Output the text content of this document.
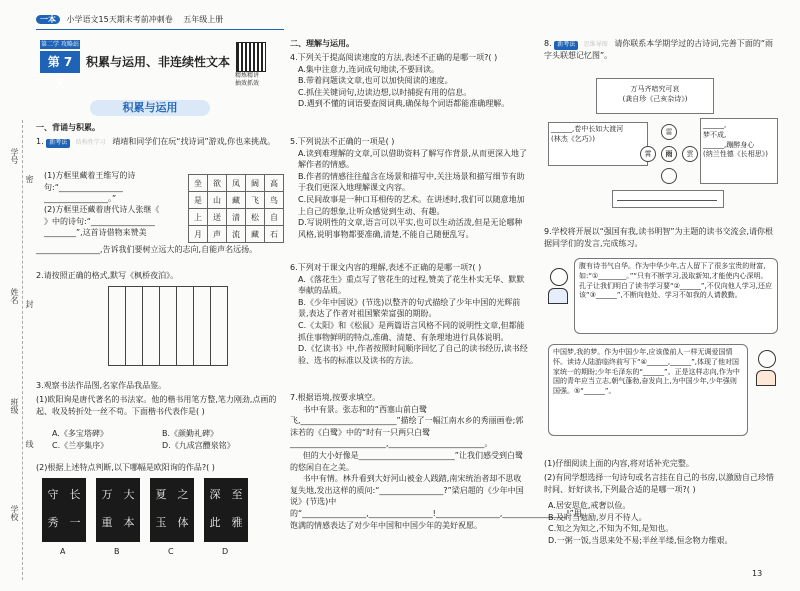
学号
密
姓名 封
班级
线
学校
一本 小学语文15天期末考前冲刺卷 五年级上册
第二学 攻略站
第 7 天
积累与运用、非连续性文本
精炼精讲
抽效抓效
积累与运用
一、背诵与积累。
1. 新考法 结构性学习 靖靖和同学们在玩“找诗词”游戏,你也来挑战。
(1)方框里藏着王维写的诗句:“________________
________________。”
(2)方框里还藏着唐代诗人张继《
》中的诗句:“________________
________”,这首诗借物来赞美
________________,告诉我们要树立远大的志向,自能声名远扬。
坐	欲	凤	阔	高
是	山	藏	飞	鸟
上	送	清	松	自
月	声	流	藏	石
2.请按照正确的格式,默写《枫桥夜泊》。
3.观察书法作品图,名家作品我品鉴。
(1)欧阳询是唐代著名的书法家。他的楷书用笔方整,笔力刚劲,点画的起、收及转折处一丝不苟。下面楷书代表作是( )
A.《多宝塔碑》	B.《颜勤礼碑》
C.《兰亭集序》	D.《九成宫醴泉铭》
(2)根据上述特点判断,以下哪幅是欧阳询的作品?( )
守	长
秀	一
A
万	大
重	本
B
夏	之
玉	体
C
深	至
此	雅
D
二、理解与运用。
4.下列关于提高阅读速度的方法,表述不正确的是哪一项?( )
A.集中注意力,连词成句地读,不要回读。
B.带着问题读文章,也可以加快阅读的速度。
C.抓住关键词句,边读边想,以时捕捉有用的信息。
D.遇到不懂的词语要查阅词典,确保每个词语都能准确理解。
5.下列说法不正确的一项是( )
A.读到难理解的文章,可以借助资料了解写作背景,从而更深入地了解作者的情感。
B.作者的情感往往蕴含在场景和描写中,关注场景和描写细节有助于我们更深入地理解课文内容。
C.民间故事是一种口耳相传的艺术。在讲述时,我们可以随意地加上自己的想象,让听众感觉到生动、有趣。
D.写说明性的文章,语言可以平实,也可以生动活泼,但是无论哪种风格,说明事物都要准确,清楚,不能自己随便乱写。
6.下列对于课文内容的理解,表述不正确的是哪一项?( )
A.《落花生》重点写了管花生的过程,赞美了花生朴实无华、默默奉献的品质。
B.《少年中国说》(节选)以整齐的句式描绘了少年中国的光辉前景,表达了作者对祖国繁荣富强的期盼。
C.《太阳》和《松鼠》是两篇语言风格不同的说明性文章,但都能抓住事物鲜明的特点,准确、清楚、有条理地进行具体说明。
D.《忆读书》中,作者按照时间顺序回忆了自己的读书经历,读书经验、选书的标准以及读书的方法。
7.根据语境,按要求填空。
书中有景。张志和的“西塞山前白鹭飞,________________________”描绘了一幅江南水乡的秀丽画卷;郭沫若的《白鹭》中的“时有一只两只白鹭________________________,________________________。
但的大小好像是________________________”让我们感受到白鹭的悠闲自在之美。
书中有情。林升看到大好河山被金人践踏,南宋统治者却不思收复失地,发出这样的质问:“________________?”梁启超的《少年中国说》(节选)中的“________________,________________!________________,________________!”用饱满的情感表达了对少年中国和中国少年的美好祝愿。
8. 新考法 思维导图 请你联系本学期学过的古诗词,完善下面的“雨字头联想记忆图”。
万马齐喑究可哀
(龚自珍《己亥杂诗》)
______,卷中长如大渡河
(林杰《乞巧》)
______,
梦不成,
______,蹦醉身心
(纳兰性德《长相思》)
雷
霄	雨	雲
9.学校将开展以“强国有我,读书明智”为主题的读书交流会,请你根据同学们的发言,完成练习。
腹有诗书气自华。作为中华少年,古人留下了很多宝贵的财富,如:“①________。”“只有不断学习,汲取新知,才能使内心深明。孔子让我们明白了读书学习要“②______”,不仅向他人学习,还应该“③______”,不断向他处、学习不如我的人请教勤。
中国梦,我的梦。作为中国少年,应该像前人一样无调爱国情怀。读诗人陆游临终前写下“④______,______”,体现了他对国家统一的期盼;少年毛泽东的“______”。正是这样志向,作为中国的青年应当立志,朝气蓬勃,奋发向上,为中国少年,少年强则国强。⑤“______”。
(1)仔细阅读上面的内容,将对话补充完整。
(2)有同学想选择一句诗句或名言挂在自己的书房,以激励自己珍惜时间、好好读书,下列最合适的是哪一项?( )
A.居安思危,戒奢以俭。
B.及时当勉励,岁月不待人。
C.知之为知之,不知为不知,是知也。
D.一粥一饭,当思来处不易;半丝半缕,恒念物力维艰。
13
